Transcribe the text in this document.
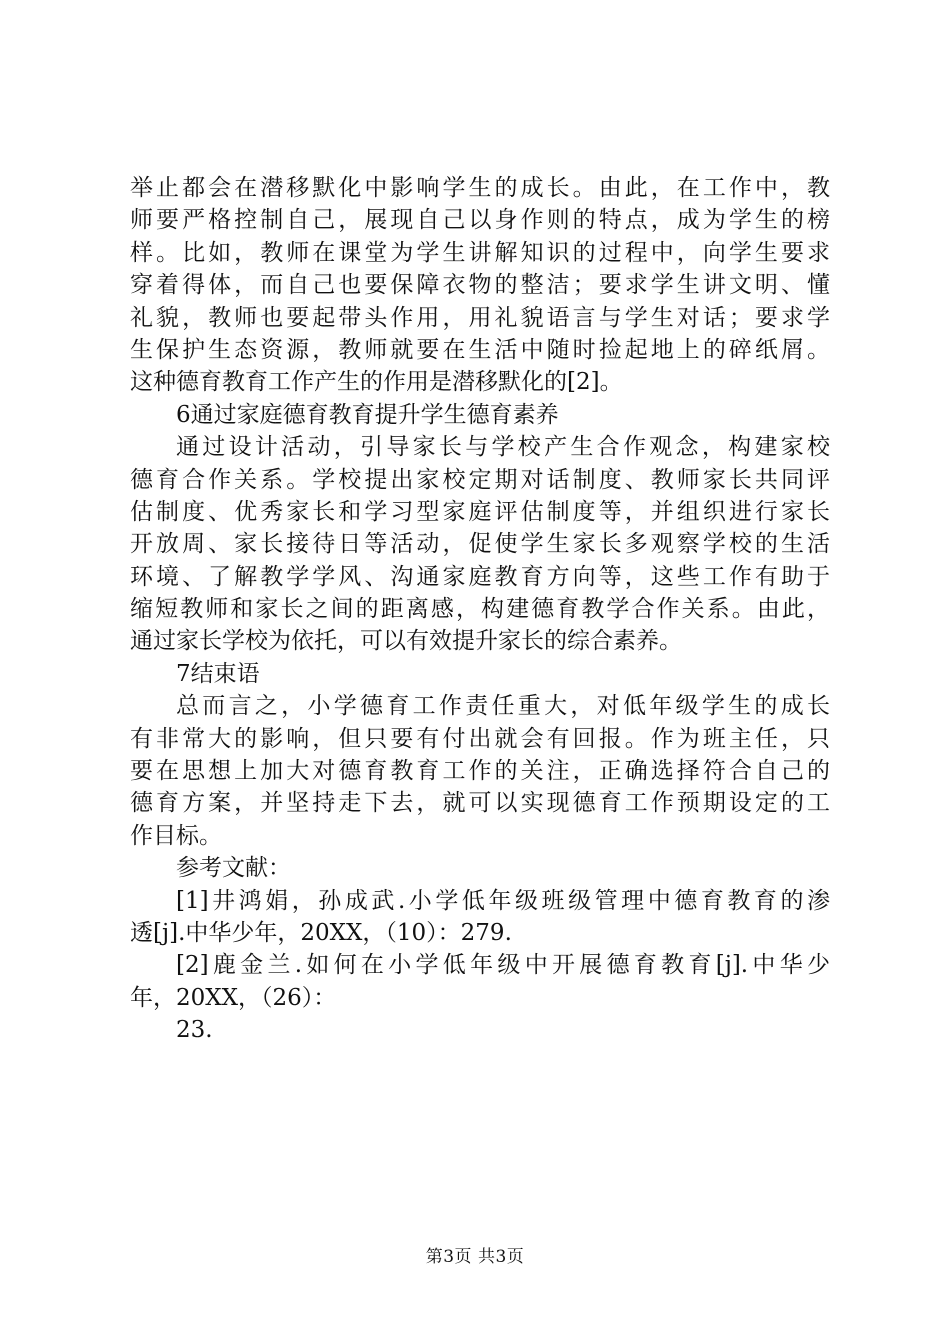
举止都会在潜移默化中影响学生的成长。由此，在工作中，教
师要严格控制自己，展现自己以身作则的特点，成为学生的榜
样。比如，教师在课堂为学生讲解知识的过程中，向学生要求
穿着得体，而自己也要保障衣物的整洁；要求学生讲文明、懂
礼貌，教师也要起带头作用，用礼貌语言与学生对话；要求学
生保护生态资源，教师就要在生活中随时捡起地上的碎纸屑。
这种德育教育工作产生的作用是潜移默化的[2]。
6通过家庭德育教育提升学生德育素养
通过设计活动，引导家长与学校产生合作观念，构建家校
德育合作关系。学校提出家校定期对话制度、教师家长共同评
估制度、优秀家长和学习型家庭评估制度等，并组织进行家长
开放周、家长接待日等活动，促使学生家长多观察学校的生活
环境、了解教学学风、沟通家庭教育方向等，这些工作有助于
缩短教师和家长之间的距离感，构建德育教学合作关系。由此，
通过家长学校为依托，可以有效提升家长的综合素养。
7结束语
总而言之，小学德育工作责任重大，对低年级学生的成长
有非常大的影响，但只要有付出就会有回报。作为班主任，只
要在思想上加大对德育教育工作的关注，正确选择符合自己的
德育方案，并坚持走下去，就可以实现德育工作预期设定的工
作目标。
参考文献：
[1]井鸿娟，孙成武.小学低年级班级管理中德育教育的渗
透[j].中华少年，20XX，（10）：279.
[2]鹿金兰.如何在小学低年级中开展德育教育[j].中华少
年，20XX，（26）：
23.
第3页 共3页
